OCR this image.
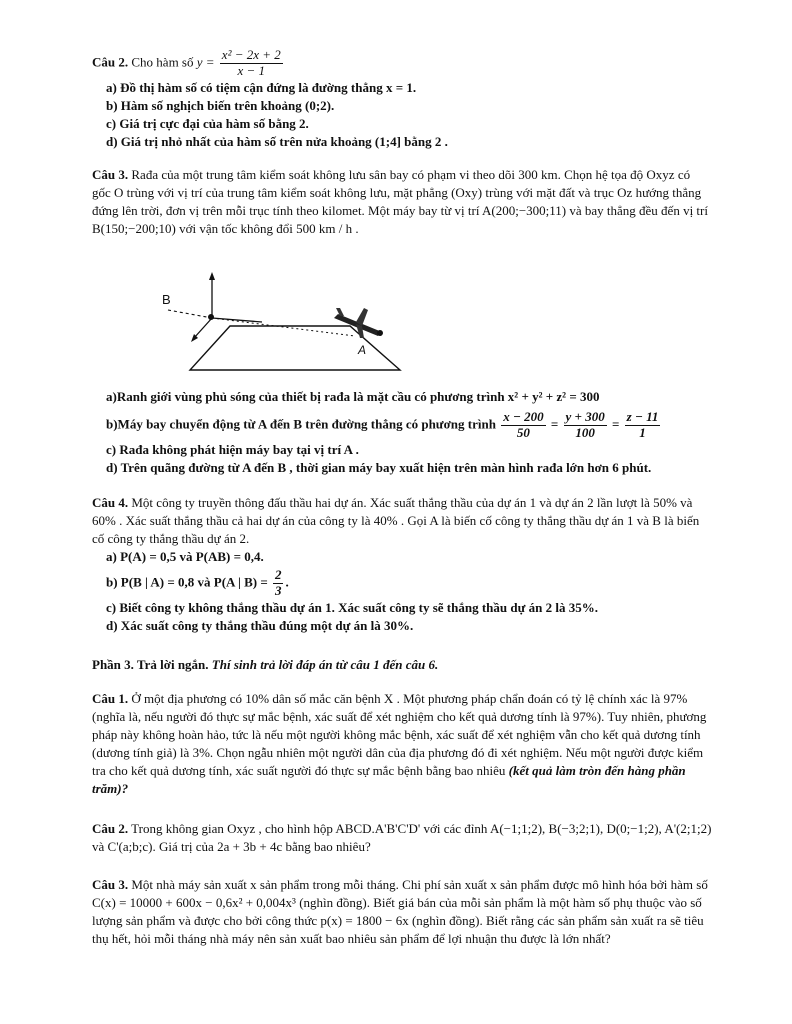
Câu 2. Cho hàm số $y = \frac{\text{x² − 2x + 2}}{x - 1}$

a) Đồ thị hàm số có tiệm cận đứng là đường thẳng x = 1.

b) Hàm số nghịch biến trên khoảng (0;2).

c) Giá trị cực đại của hàm số bằng 2.

d) Giá trị nhỏ nhất của hàm số trên nửa khoảng (1;4] bằng 2 .

Câu 3. Rađa của một trung tâm kiểm soát không lưu sân bay có phạm vi theo dõi 300 km. Chọn hệ tọa độ Oxyz có gốc O trùng với vị trí của trung tâm kiểm soát không lưu, mặt phẳng (Oxy) trùng với mặt đất và trục Oz hướng thẳng đứng lên trời, đơn vị trên mỗi trục tính theo kilomet. Một máy bay từ vị trí A(200;−300;11) và bay thẳng đều đến vị trí B(150;−200;10) với vận tốc không đổi 500 km / h .

B
A

a)Ranh giới vùng phủ sóng của thiết bị rađa là mặt cầu có phương trình x² + y² + z² = 300

b)Máy bay chuyển động từ A đến B trên đường thẳng có phương trình $\frac{x - 200}{50} = \frac{y + 300}{100} = \frac{z - 11}{1}$

c) Rađa không phát hiện máy bay tại vị trí A .

d) Trên quãng đường từ A đến B , thời gian máy bay xuất hiện trên màn hình rađa lớn hơn 6 phút.

Câu 4. Một công ty truyền thông đấu thầu hai dự án. Xác suất thắng thầu của dự án 1 và dự án 2 lần lượt là 50% và 60% . Xác suất thắng thầu cả hai dự án của công ty là 40% . Gọi A là biến cố công ty thắng thầu dự án 1 và B là biến cố công ty thắng thầu dự án 2.

a) P(A) = 0,5 và P(AB) = 0,4.

b) P(B | A) = 0,8 và P(A | $B) = \frac{2}{3}$ .

c) Biết công ty không thắng thầu dự án 1. Xác suất công ty sẽ thắng thầu dự án 2 là 35%.

d) Xác suất công ty thắng thầu đúng một dự án là 30%.

Phần 3. Trả lời ngắn. Thí sinh trả lời đáp án từ câu 1 đến câu 6.

Câu 1. Ở một địa phương có 10% dân số mắc căn bệnh X . Một phương pháp chẩn đoán có tỷ lệ chính xác là 97% (nghĩa là, nếu người đó thực sự mắc bệnh, xác suất để xét nghiệm cho kết quả dương tính là 97%). Tuy nhiên, phương pháp này không hoàn hảo, tức là nếu một người không mắc bệnh, xác suất để xét nghiệm vẫn cho kết quả dương tính (dương tính giả) là 3%. Chọn ngẫu nhiên một người dân của địa phương đó đi xét nghiệm. Nếu một người được kiểm tra cho kết quả dương tính, xác suất người đó thực sự mắc bệnh bằng bao nhiêu (kết quả làm tròn đến hàng phần trăm)?

Câu 2. Trong không gian Oxyz , cho hình hộp ABCD.A'B'C'D' với các đỉnh A(−1;1;2), B(−3;2;1), D(0;−1;2), A'(2;1;2) và C'(a;b;c). Giá trị của 2a + 3b + 4c bằng bao nhiêu?

Câu 3. Một nhà máy sản xuất x sản phẩm trong mỗi tháng. Chi phí sản xuất x sản phẩm được mô hình hóa bởi hàm số C(x) = 10000 + 600x − 0,6x² + 0,004x³ (nghìn đồng). Biết giá bán của mỗi sản phẩm là một hàm số phụ thuộc vào số lượng sản phẩm và được cho bởi công thức p(x) = 1800 − 6x (nghìn đồng). Biết rằng các sản phẩm sản xuất ra sẽ tiêu thụ hết, hỏi mỗi tháng nhà máy nên sản xuất bao nhiêu sản phẩm để lợi nhuận thu được là lớn nhất?
